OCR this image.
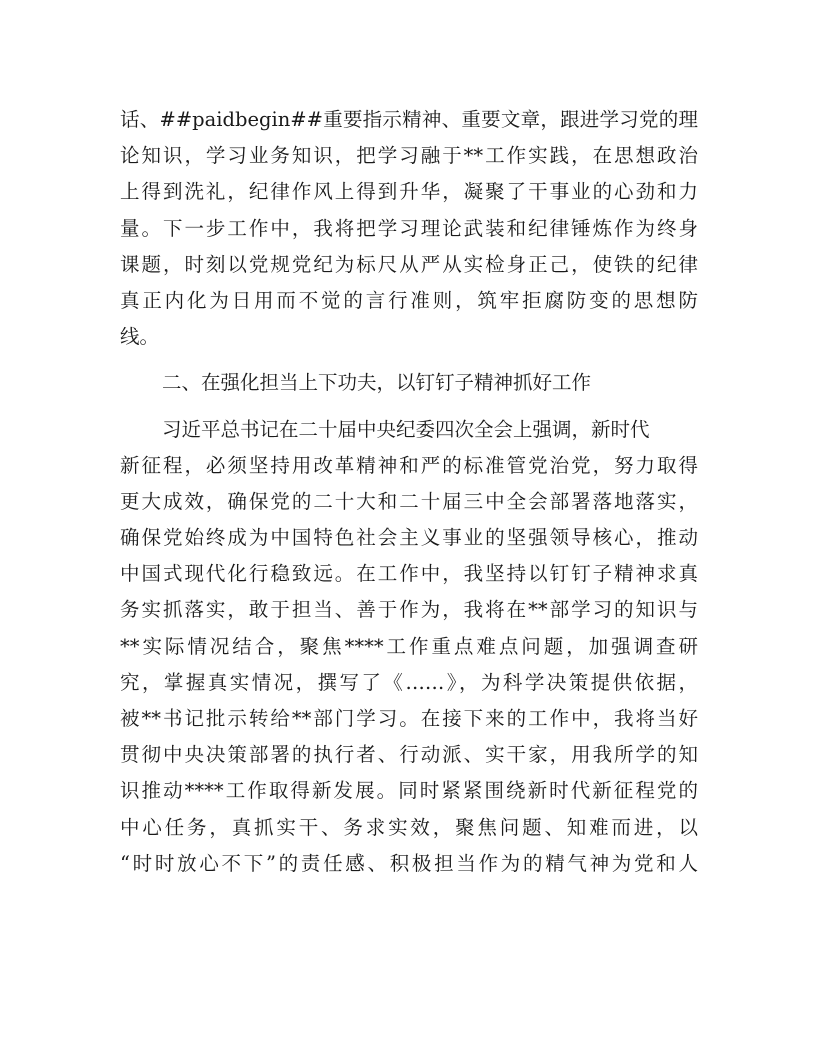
话、##paidbegin##重要指示精神、重要文章，跟进学习党的理
论知识，学习业务知识，把学习融于**工作实践，在思想政治
上得到洗礼，纪律作风上得到升华，凝聚了干事业的心劲和力
量。下一步工作中，我将把学习理论武装和纪律锤炼作为终身
课题，时刻以党规党纪为标尺从严从实检身正己，使铁的纪律
真正内化为日用而不觉的言行准则，筑牢拒腐防变的思想防
线。
二、在强化担当上下功夫，以钉钉子精神抓好工作
习近平总书记在二十届中央纪委四次全会上强调，新时代
新征程，必须坚持用改革精神和严的标准管党治党，努力取得
更大成效，确保党的二十大和二十届三中全会部署落地落实，
确保党始终成为中国特色社会主义事业的坚强领导核心，推动
中国式现代化行稳致远。在工作中，我坚持以钉钉子精神求真
务实抓落实，敢于担当、善于作为，我将在**部学习的知识与
**实际情况结合，聚焦****工作重点难点问题，加强调查研
究，掌握真实情况，撰写了《……》，为科学决策提供依据，
被**书记批示转给**部门学习。在接下来的工作中，我将当好
贯彻中央决策部署的执行者、行动派、实干家，用我所学的知
识推动****工作取得新发展。同时紧紧围绕新时代新征程党的
中心任务，真抓实干、务求实效，聚焦问题、知难而进，以
“时时放心不下”的责任感、积极担当作为的精气神为党和人
